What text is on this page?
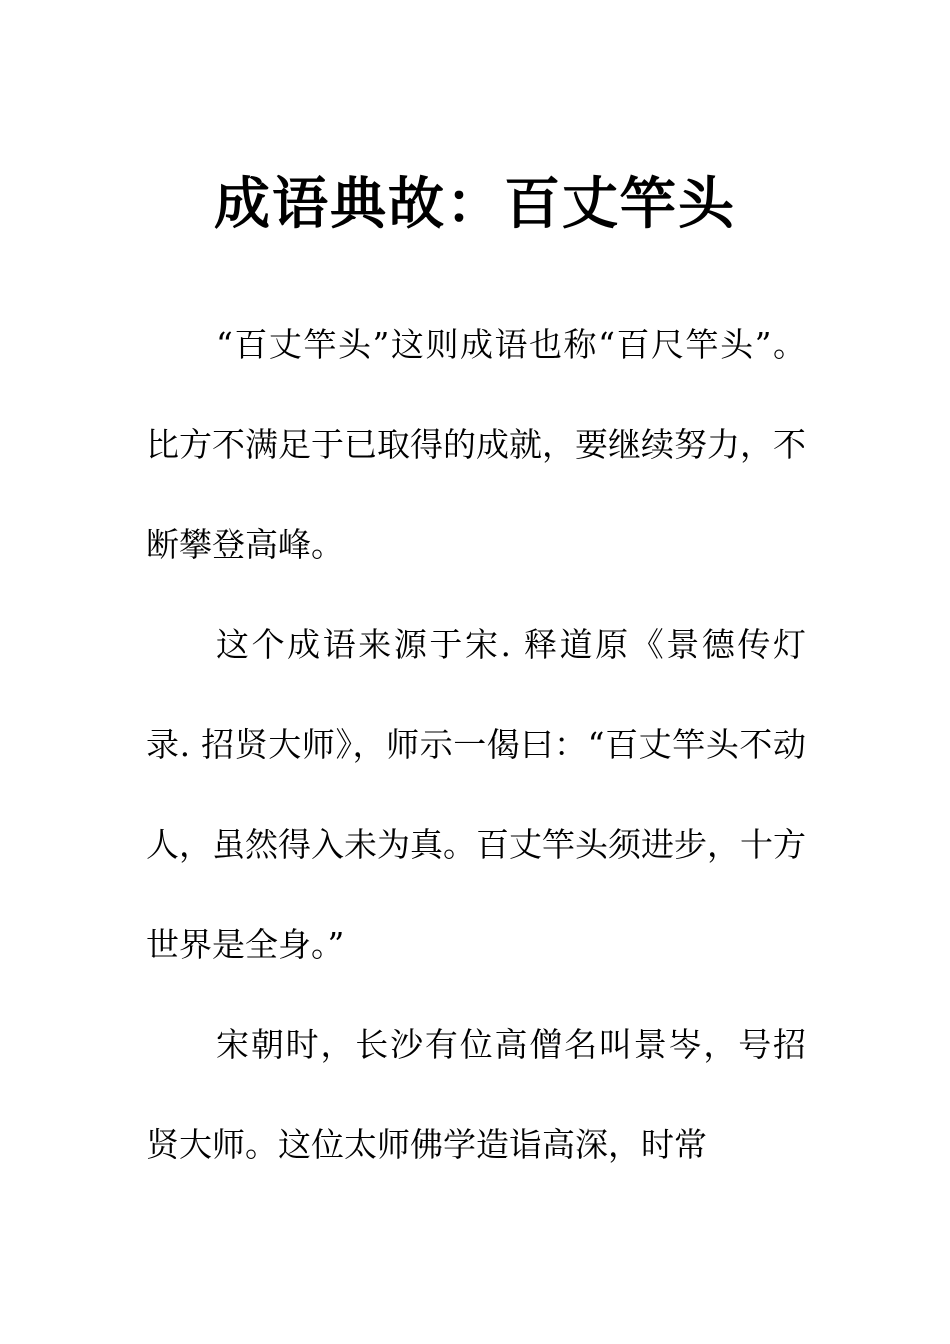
成语典故：百丈竿头

“百丈竿头”这则成语也称“百尺竿头”。比方不满足于已取得的成就，要继续努力，不断攀登高峰。

这个成语来源于宋. 释道原《景德传灯录. 招贤大师》，师示一偈曰：“百丈竿头不动人，虽然得入未为真。百丈竿头须进步，十方世界是全身。”

宋朝时，长沙有位高僧名叫景岑，号招贤大师。这位太师佛学造诣高深，时常
